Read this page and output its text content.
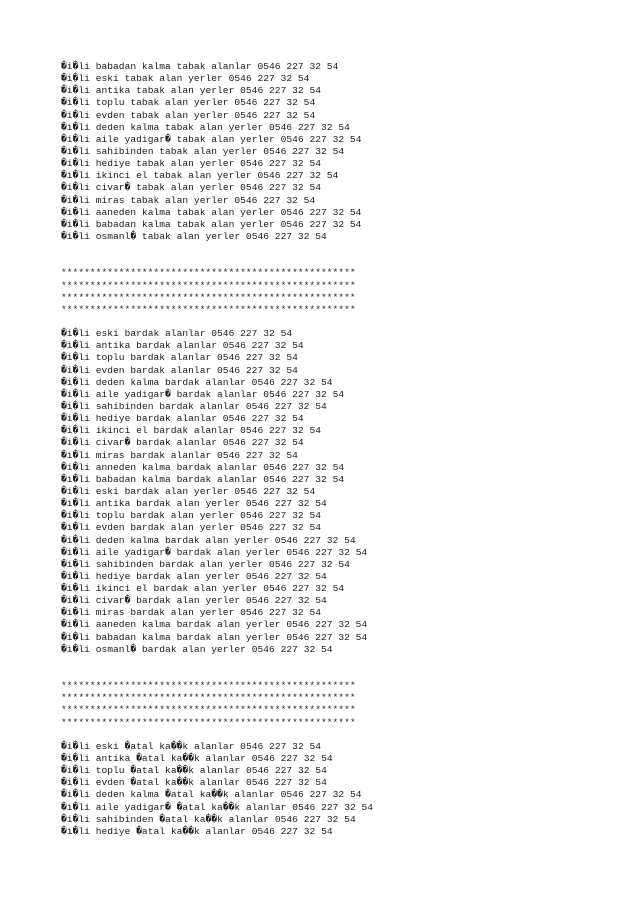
�i�li babadan kalma tabak alanlar 0546 227 32 54
�i�li eski tabak alan yerler 0546 227 32 54
�i�li antika tabak alan yerler 0546 227 32 54
�i�li toplu tabak alan yerler 0546 227 32 54
�i�li evden tabak alan yerler 0546 227 32 54
�i�li deden kalma tabak alan yerler 0546 227 32 54
�i�li aile yadigar� tabak alan yerler 0546 227 32 54
�i�li sahibinden tabak alan yerler 0546 227 32 54
�i�li hediye tabak alan yerler 0546 227 32 54
�i�li ikinci el tabak alan yerler 0546 227 32 54
�i�li civar� tabak alan yerler 0546 227 32 54
�i�li miras tabak alan yerler 0546 227 32 54
�i�li aaneden kalma tabak alan yerler 0546 227 32 54
�i�li babadan kalma tabak alan yerler 0546 227 32 54
�i�li osmanl� tabak alan yerler 0546 227 32 54
***************************************************
***************************************************
***************************************************
***************************************************
�i�li eski bardak alanlar 0546 227 32 54
�i�li antika bardak alanlar 0546 227 32 54
�i�li toplu bardak alanlar 0546 227 32 54
�i�li evden bardak alanlar 0546 227 32 54
�i�li deden kalma bardak alanlar 0546 227 32 54
�i�li aile yadigar� bardak alanlar 0546 227 32 54
�i�li sahibinden bardak alanlar 0546 227 32 54
�i�li hediye bardak alanlar 0546 227 32 54
�i�li ikinci el bardak alanlar 0546 227 32 54
�i�li civar� bardak alanlar 0546 227 32 54
�i�li miras bardak alanlar 0546 227 32 54
�i�li anneden kalma bardak alanlar 0546 227 32 54
�i�li babadan kalma bardak alanlar 0546 227 32 54
�i�li eski bardak alan yerler 0546 227 32 54
�i�li antika bardak alan yerler 0546 227 32 54
�i�li toplu bardak alan yerler 0546 227 32 54
�i�li evden bardak alan yerler 0546 227 32 54
�i�li deden kalma bardak alan yerler 0546 227 32 54
�i�li aile yadigar� bardak alan yerler 0546 227 32 54
�i�li sahibinden bardak alan yerler 0546 227 32 54
�i�li hediye bardak alan yerler 0546 227 32 54
�i�li ikinci el bardak alan yerler 0546 227 32 54
�i�li civar� bardak alan yerler 0546 227 32 54
�i�li miras bardak alan yerler 0546 227 32 54
�i�li aaneden kalma bardak alan yerler 0546 227 32 54
�i�li babadan kalma bardak alan yerler 0546 227 32 54
�i�li osmanl� bardak alan yerler 0546 227 32 54
***************************************************
***************************************************
***************************************************
***************************************************
�i�li eski �atal ka��k alanlar 0546 227 32 54
�i�li antika �atal ka��k alanlar 0546 227 32 54
�i�li toplu �atal ka��k alanlar 0546 227 32 54
�i�li evden �atal ka��k alanlar 0546 227 32 54
�i�li deden kalma �atal ka��k alanlar 0546 227 32 54
�i�li aile yadigar� �atal ka��k alanlar 0546 227 32 54
�i�li sahibinden �atal ka��k alanlar 0546 227 32 54
�i�li hediye �atal ka��k alanlar 0546 227 32 54
